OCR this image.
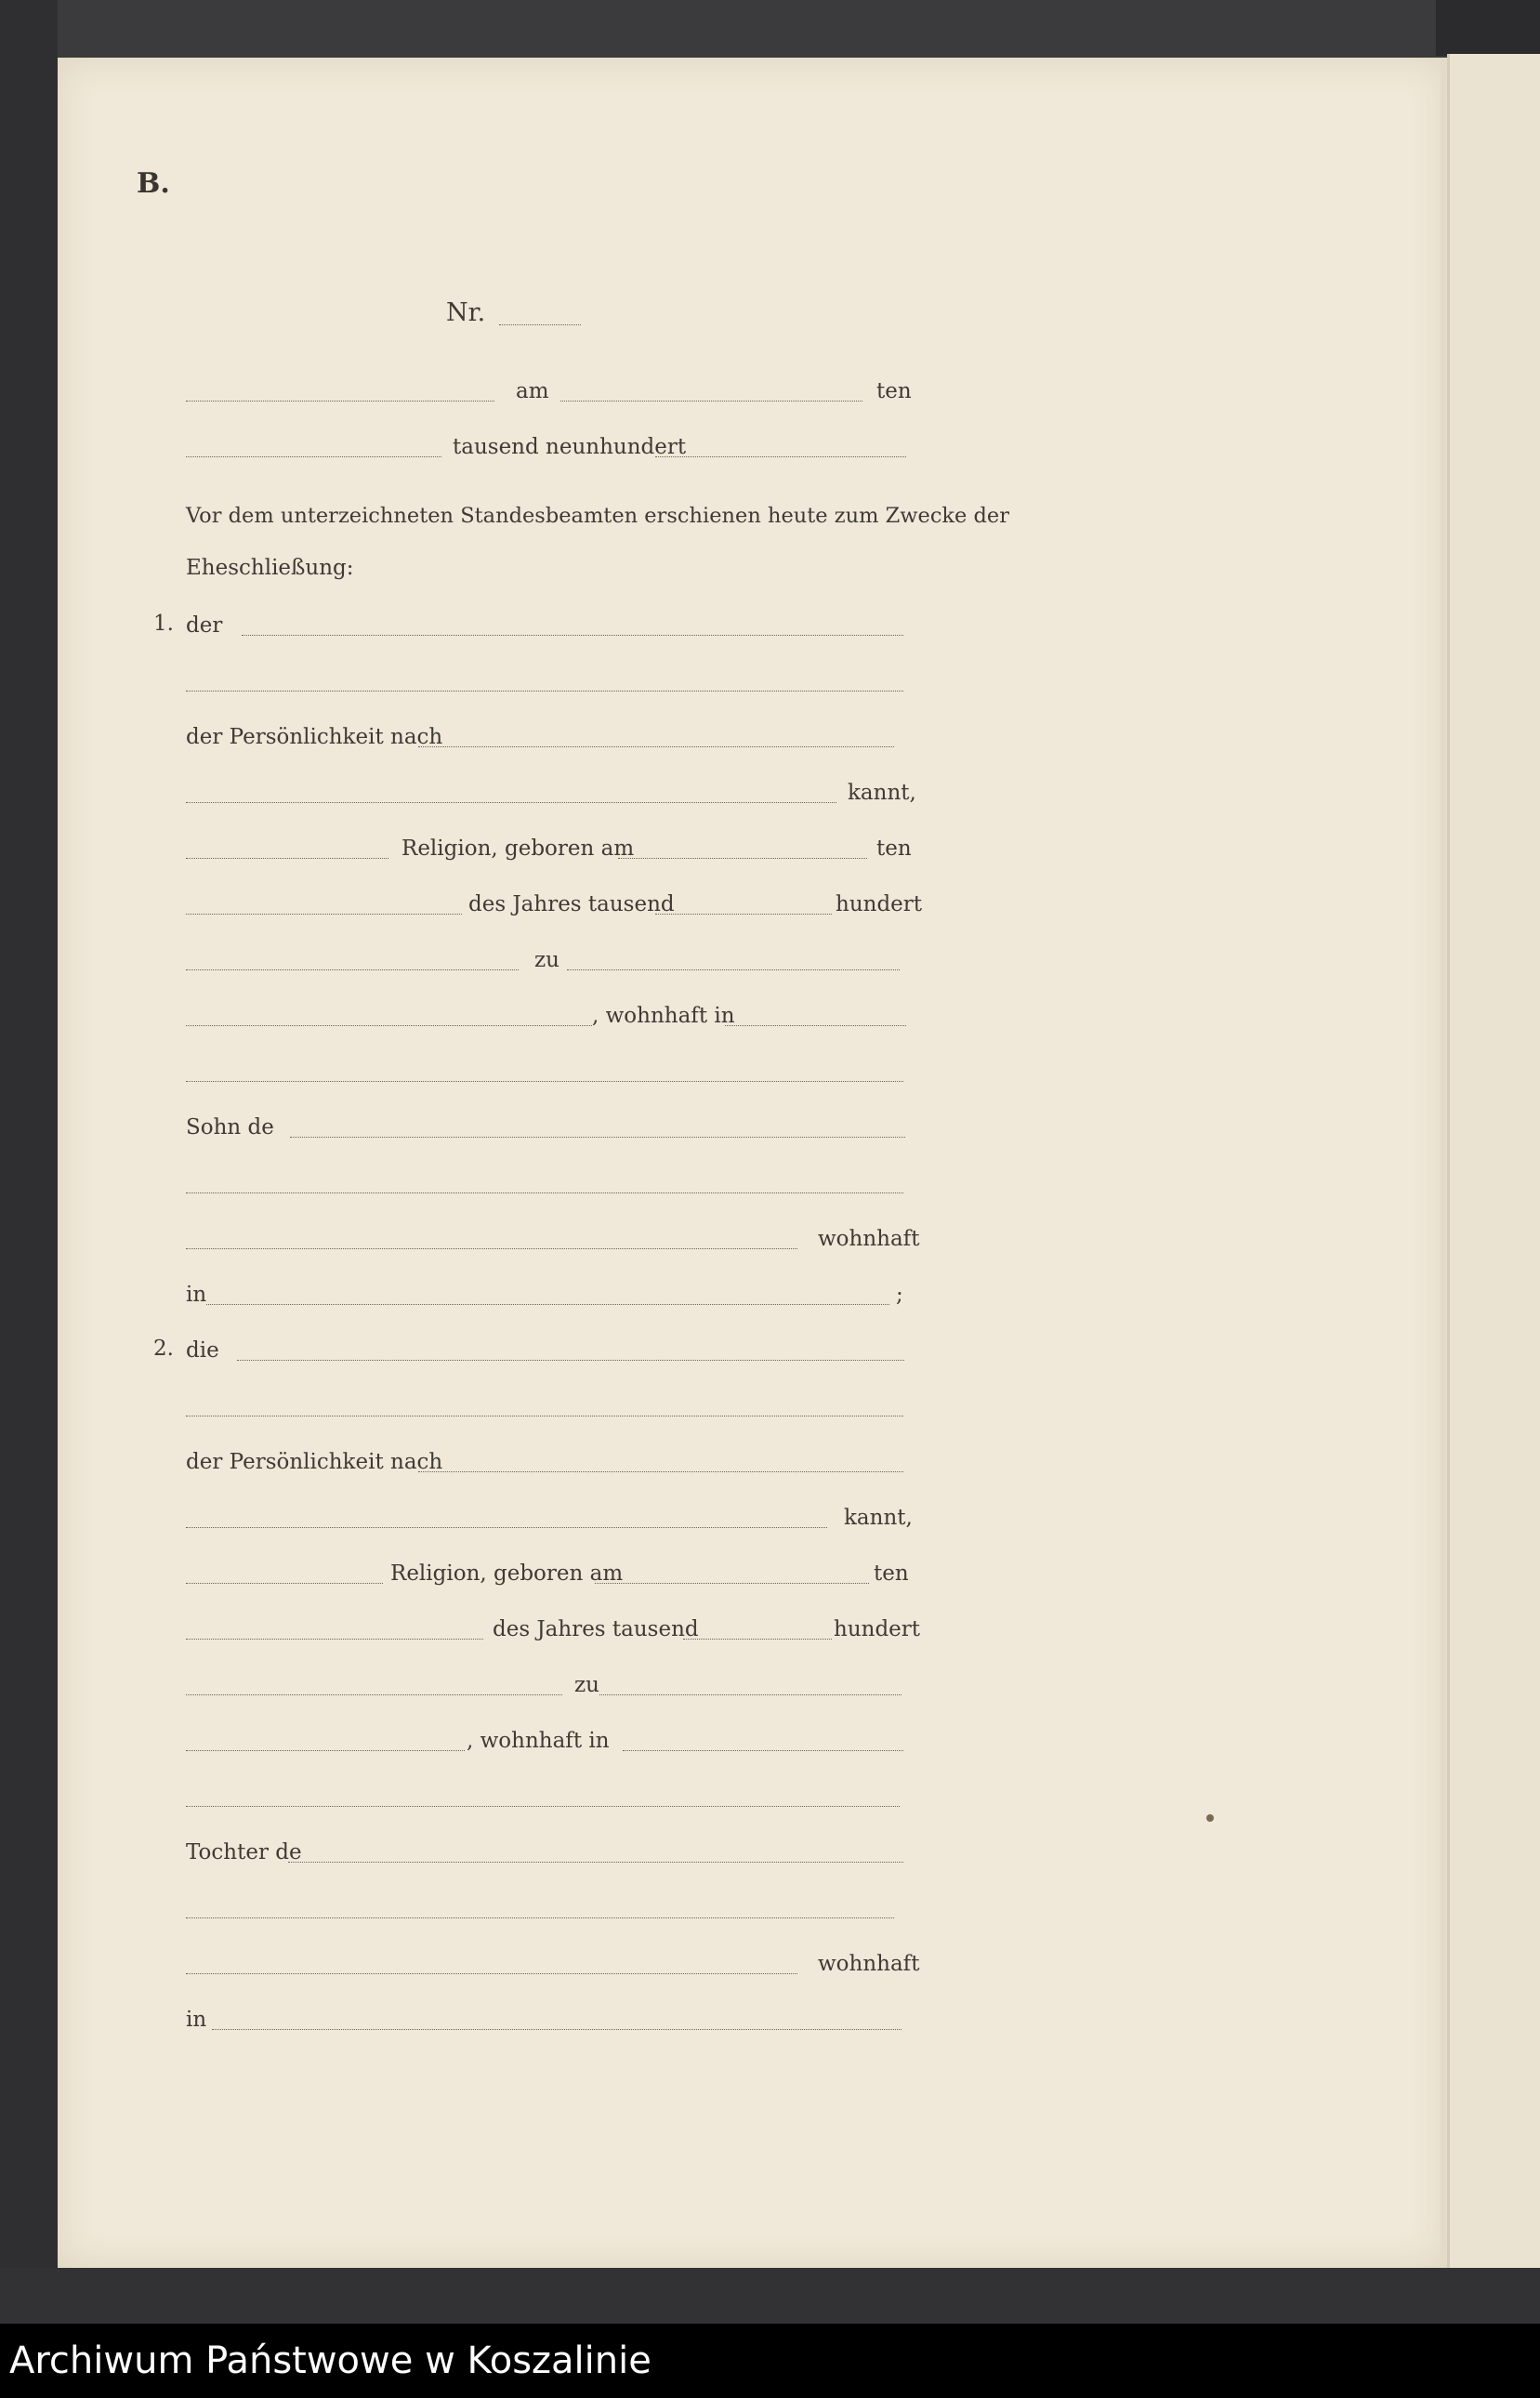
B.
Nr.
am	ten
tausend neunhundert
Vor dem unterzeichneten Standesbeamten erschienen heute zum Zwecke der
Eheschließung:
1. der
der Persönlichkeit nach
kannt,
Religion, geboren am	ten
des Jahres tausend	hundert
zu
, wohnhaft in
Sohn de
wohnhaft
in	;
2. die
der Persönlichkeit nach
kannt,
Religion, geboren am	ten
des Jahres tausend	hundert
zu
, wohnhaft in
Tochter de
wohnhaft
in
Archiwum Państwowe w Koszalinie
